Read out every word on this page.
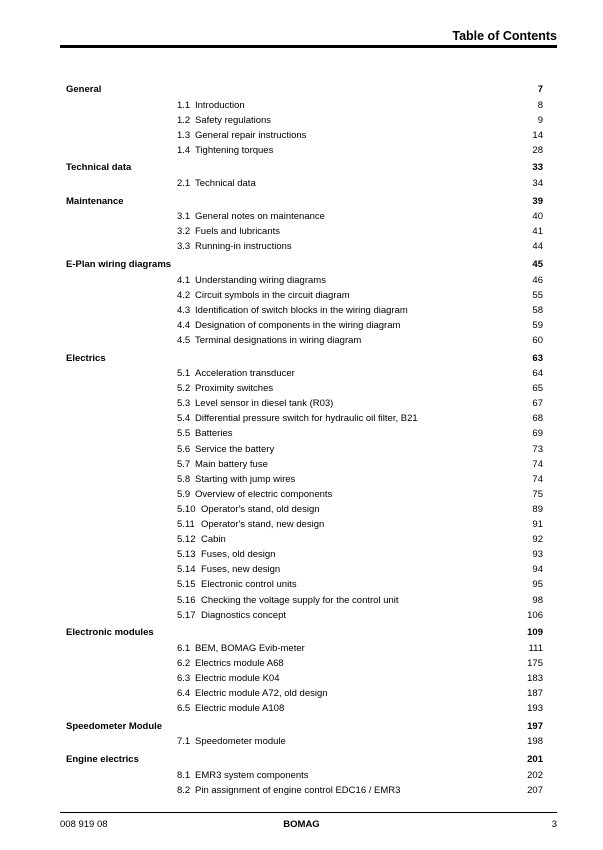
Table of Contents
General	7
1.1 Introduction	8
1.2 Safety regulations	9
1.3 General repair instructions	14
1.4 Tightening torques	28
Technical data	33
2.1 Technical data	34
Maintenance	39
3.1 General notes on maintenance	40
3.2 Fuels and lubricants	41
3.3 Running-in instructions	44
E-Plan wiring diagrams	45
4.1 Understanding wiring diagrams	46
4.2 Circuit symbols in the circuit diagram	55
4.3 Identification of switch blocks in the wiring diagram	58
4.4 Designation of components in the wiring diagram	59
4.5 Terminal designations in wiring diagram	60
Electrics	63
5.1 Acceleration transducer	64
5.2 Proximity switches	65
5.3 Level sensor in diesel tank (R03)	67
5.4 Differential pressure switch for hydraulic oil filter, B21	68
5.5 Batteries	69
5.6 Service the battery	73
5.7 Main battery fuse	74
5.8 Starting with jump wires	74
5.9 Overview of electric components	75
5.10 Operator's stand, old design	89
5.11 Operator's stand, new design	91
5.12 Cabin	92
5.13 Fuses, old design	93
5.14 Fuses, new design	94
5.15 Electronic control units	95
5.16 Checking the voltage supply for the control unit	98
5.17 Diagnostics concept	106
Electronic modules	109
6.1 BEM, BOMAG Evib-meter	111
6.2 Electrics module A68	175
6.3 Electric module K04	183
6.4 Electric module A72, old design	187
6.5 Electric module A108	193
Speedometer Module	197
7.1 Speedometer module	198
Engine electrics	201
8.1 EMR3 system components	202
8.2 Pin assignment of engine control EDC16 / EMR3	207
008 919 08	BOMAG	3
